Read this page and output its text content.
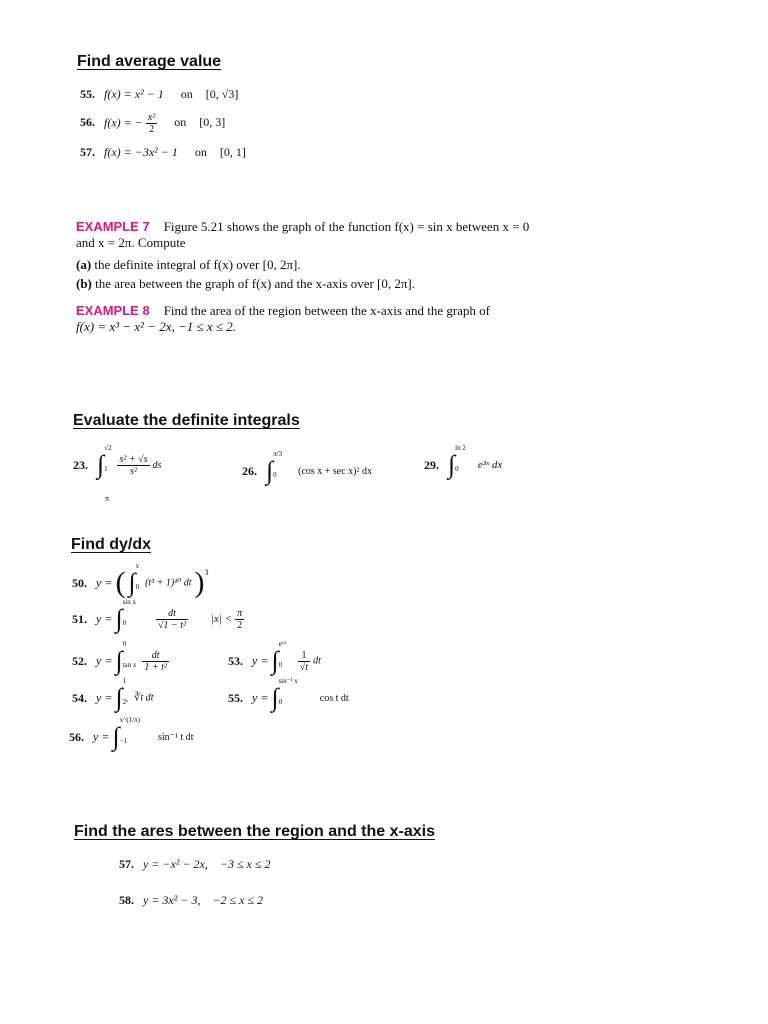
Find average value
55. f(x) = x² − 1 on [0, √3]
56. f(x) = − $\frac{\text{x²}}{2}$ on [0, 3]
57. f(x) = −3x² − 1 on [0, 1]
EXAMPLE 7 Figure 5.21 shows the graph of the function f(x) = sin x between x = 0
and x = 2π. Compute
(a) the definite integral of f(x) over [0, 2π].
(b) the area between the graph of f(x) and the x-axis over [0, 2π].
EXAMPLE 8 Find the area of the region between the x-axis and the graph of
f(x) = x³ − x² − 2x, −1 ≤ x ≤ 2.
Evaluate the definite integrals
23. ∫
√2
1
$\frac{\text{s² + √s}}{\text{s²}}$ ds
π
26. ∫
π/3
0	(cos x + sec x)² dx	29. ∫
ln 2
0	e³ˣ dx
Find dy/dx
50. y = ( ∫
x
0 (t³ + 1)¹⁰ dt )$^3$
51. y = ∫
sin x
0
	$\frac{dt}{\text{√1 − t²}} |x| < \frac{\pi}{2}$
52. y = ∫
0
tan x
$\frac{dt}{\text{1 + t²}}$	53. y = ∫
eˣ²
0
	$\frac{1}{√t}$ dt
54. y = ∫
1
2ˣ ∛t dt	55. y = ∫
sin⁻¹ x
0	cos t dt
56. y = ∫
x^(1/π)
−1	sin⁻¹ t dt
Find the ares between the region and the x-axis
57. y = −x² − 2x,    −3 ≤ x ≤ 2
58. y = 3x² − 3,    −2 ≤ x ≤ 2
